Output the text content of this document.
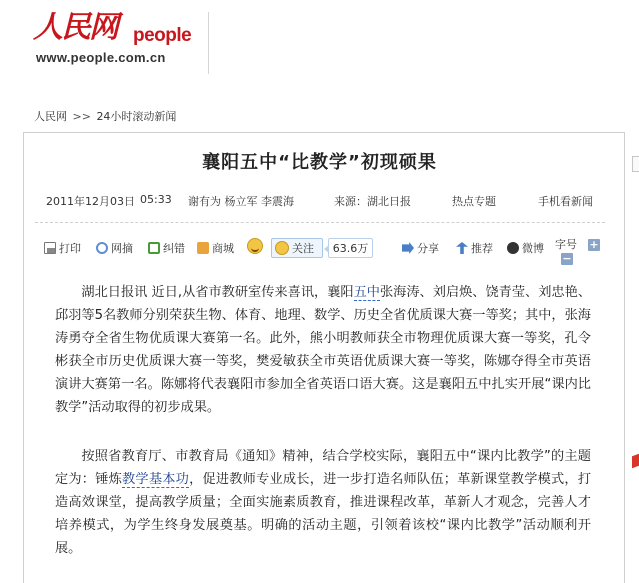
人民网 people
www.people.com.cn
人民网 >> 24小时滚动新闻
襄阳五中“比教学”初现硕果
2011年12月03日 05:33 谢有为 杨立军 李震海	来源：湖北日报	热点专题	手机看新闻
打印	网摘	纠错	商城	关注	63.6万	分享	推荐	微博 字号 +
−
湖北日报讯 近日,从省市教研室传来喜讯，襄阳五中张海涛、刘启焕、饶青莹、刘忠艳、邱羽等5名教师分别荣获生物、体育、地理、数学、历史全省优质课大赛一等奖；其中，张海涛勇夺全省生物优质课大赛第一名。此外，熊小明教师获全市物理优质课大赛一等奖，孔令彬获全市历史优质课大赛一等奖，樊爱敏获全市英语优质课大赛一等奖，陈娜夺得全市英语演讲大赛第一名。陈娜将代表襄阳市参加全省英语口语大赛。这是襄阳五中扎实开展“课内比教学”活动取得的初步成果。
按照省教育厅、市教育局《通知》精神，结合学校实际，襄阳五中“课内比教学”的主题定为：锤炼教学基本功，促进教师专业成长，进一步打造名师队伍；革新课堂教学模式，打造高效课堂，提高教学质量；全面实施素质教育，推进课程改革，革新人才观念，完善人才培养模式，为学生终身发展奠基。明确的活动主题，引领着该校“课内比教学”活动顺利开展。
